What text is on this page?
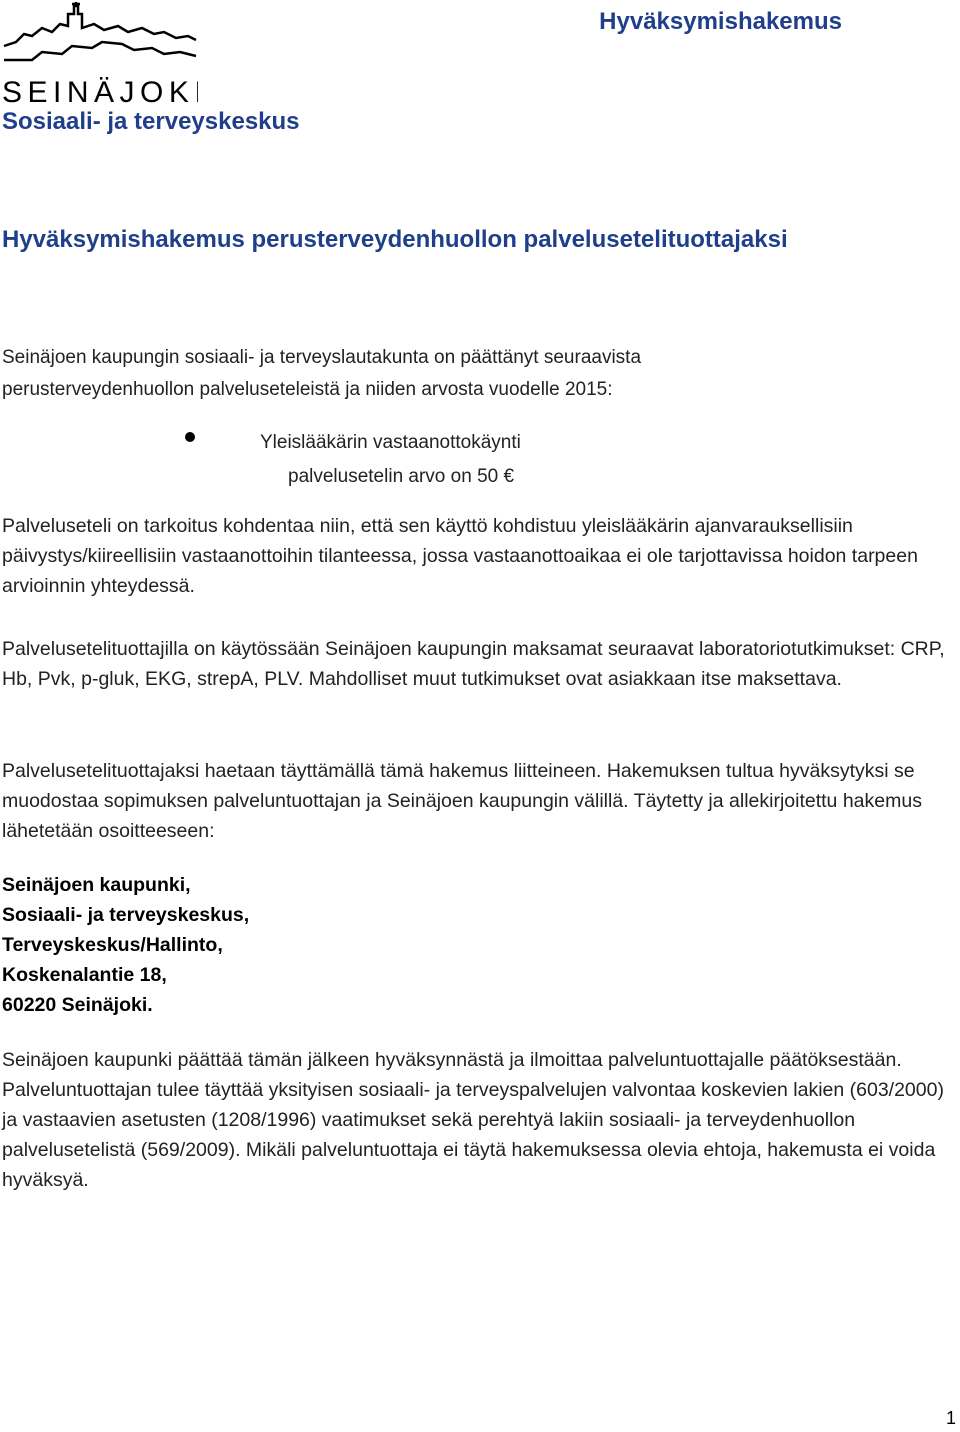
SEINÄJOKI
Sosiaali- ja terveyskeskus
Hyväksymishakemus
Hyväksymishakemus perusterveydenhuollon palvelusetelituottajaksi
Seinäjoen kaupungin sosiaali- ja terveyslautakunta on päättänyt seuraavista
perusterveydenhuollon palveluseteleistä ja niiden arvosta vuodelle 2015:
Yleislääkärin vastaanottokäynti
palvelusetelin arvo on 50 €
Palveluseteli on tarkoitus kohdentaa niin, että sen käyttö kohdistuu yleislääkärin ajanvarauksellisiin päivystys/kiireellisiin vastaanottoihin tilanteessa, jossa vastaanottoaikaa ei ole tarjottavissa hoidon tarpeen arvioinnin yhteydessä.
Palvelusetelituottajilla on käytössään Seinäjoen kaupungin maksamat seuraavat laboratoriotutkimukset: CRP, Hb, Pvk, p-gluk, EKG, strepA, PLV. Mahdolliset muut tutkimukset ovat asiakkaan itse maksettava.
Palvelusetelituottajaksi haetaan täyttämällä tämä hakemus liitteineen. Hakemuksen tultua hyväksytyksi se muodostaa sopimuksen palveluntuottajan ja Seinäjoen kaupungin välillä. Täytetty ja allekirjoitettu hakemus lähetetään osoitteeseen:
Seinäjoen kaupunki,
Sosiaali- ja terveyskeskus,
Terveyskeskus/Hallinto,
Koskenalantie 18,
60220 Seinäjoki.
Seinäjoen kaupunki päättää tämän jälkeen hyväksynnästä ja ilmoittaa palveluntuottajalle päätöksestään. Palveluntuottajan tulee täyttää yksityisen sosiaali- ja terveyspalvelujen valvontaa koskevien lakien (603/2000) ja vastaavien asetusten (1208/1996) vaatimukset sekä perehtyä lakiin sosiaali- ja terveydenhuollon palvelusetelistä (569/2009). Mikäli palveluntuottaja ei täytä hakemuksessa olevia ehtoja, hakemusta ei voida hyväksyä.
1
